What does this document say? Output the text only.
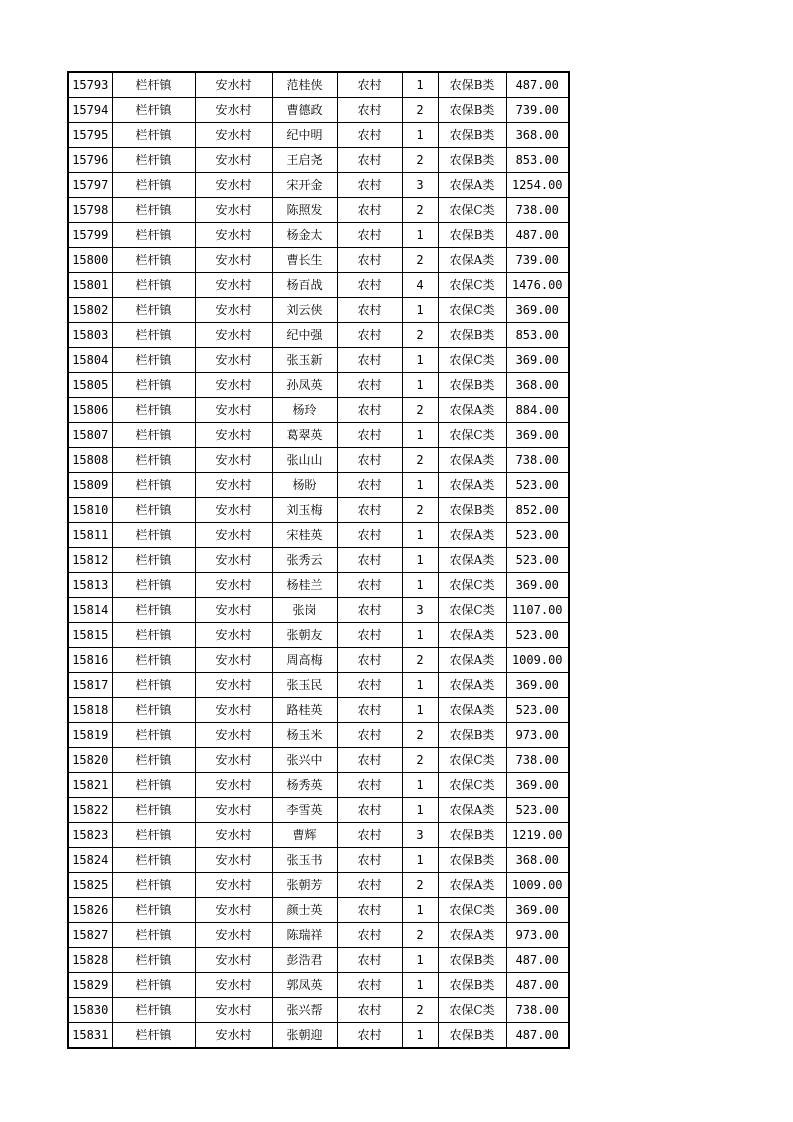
15793	栏杆镇	安水村	范桂侠	农村	1	农保B类	487.00
15794	栏杆镇	安水村	曹德政	农村	2	农保B类	739.00
15795	栏杆镇	安水村	纪中明	农村	1	农保B类	368.00
15796	栏杆镇	安水村	王启尧	农村	2	农保B类	853.00
15797	栏杆镇	安水村	宋开金	农村	3	农保A类	1254.00
15798	栏杆镇	安水村	陈照发	农村	2	农保C类	738.00
15799	栏杆镇	安水村	杨金太	农村	1	农保B类	487.00
15800	栏杆镇	安水村	曹长生	农村	2	农保A类	739.00
15801	栏杆镇	安水村	杨百战	农村	4	农保C类	1476.00
15802	栏杆镇	安水村	刘云侠	农村	1	农保C类	369.00
15803	栏杆镇	安水村	纪中强	农村	2	农保B类	853.00
15804	栏杆镇	安水村	张玉新	农村	1	农保C类	369.00
15805	栏杆镇	安水村	孙凤英	农村	1	农保B类	368.00
15806	栏杆镇	安水村	杨玲	农村	2	农保A类	884.00
15807	栏杆镇	安水村	葛翠英	农村	1	农保C类	369.00
15808	栏杆镇	安水村	张山山	农村	2	农保A类	738.00
15809	栏杆镇	安水村	杨盼	农村	1	农保A类	523.00
15810	栏杆镇	安水村	刘玉梅	农村	2	农保B类	852.00
15811	栏杆镇	安水村	宋桂英	农村	1	农保A类	523.00
15812	栏杆镇	安水村	张秀云	农村	1	农保A类	523.00
15813	栏杆镇	安水村	杨桂兰	农村	1	农保C类	369.00
15814	栏杆镇	安水村	张岗	农村	3	农保C类	1107.00
15815	栏杆镇	安水村	张朝友	农村	1	农保A类	523.00
15816	栏杆镇	安水村	周高梅	农村	2	农保A类	1009.00
15817	栏杆镇	安水村	张玉民	农村	1	农保A类	369.00
15818	栏杆镇	安水村	路桂英	农村	1	农保A类	523.00
15819	栏杆镇	安水村	杨玉米	农村	2	农保B类	973.00
15820	栏杆镇	安水村	张兴中	农村	2	农保C类	738.00
15821	栏杆镇	安水村	杨秀英	农村	1	农保C类	369.00
15822	栏杆镇	安水村	李雪英	农村	1	农保A类	523.00
15823	栏杆镇	安水村	曹辉	农村	3	农保B类	1219.00
15824	栏杆镇	安水村	张玉书	农村	1	农保B类	368.00
15825	栏杆镇	安水村	张朝芳	农村	2	农保A类	1009.00
15826	栏杆镇	安水村	颜士英	农村	1	农保C类	369.00
15827	栏杆镇	安水村	陈瑞祥	农村	2	农保A类	973.00
15828	栏杆镇	安水村	彭浩君	农村	1	农保B类	487.00
15829	栏杆镇	安水村	郭凤英	农村	1	农保B类	487.00
15830	栏杆镇	安水村	张兴帮	农村	2	农保C类	738.00
15831	栏杆镇	安水村	张朝迎	农村	1	农保B类	487.00
